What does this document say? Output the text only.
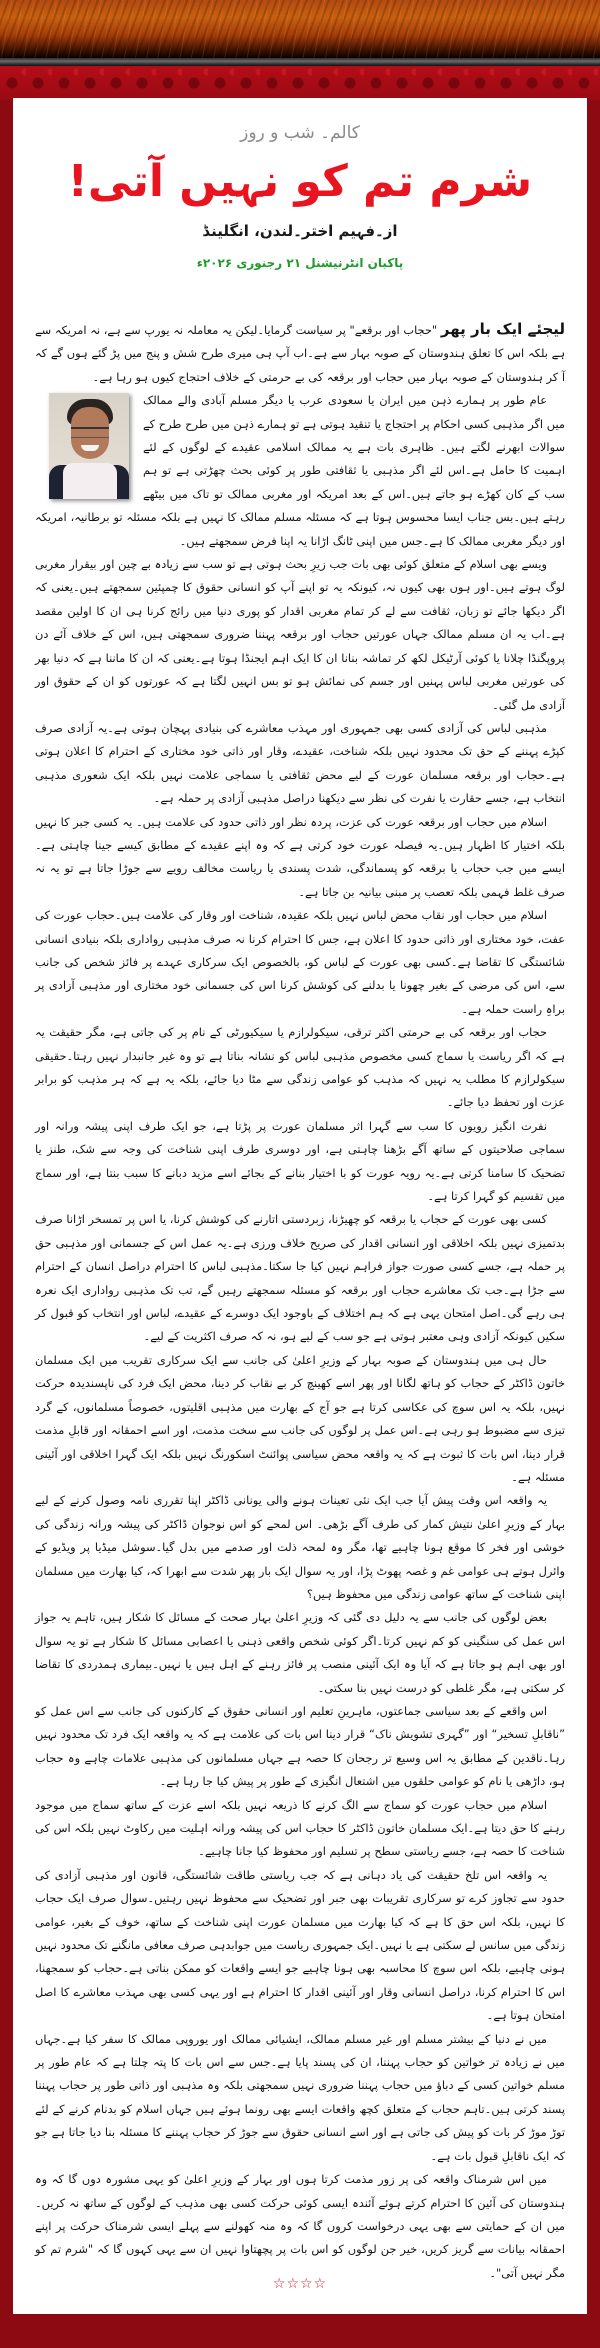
کالم۔ شب و روز
شرم تم کو نہیں آتی!
از۔فہیم اختر۔لندن، انگلینڈ
پاکبان انٹرنیشنل ۲۱ رجنوری ۲۰۲۶ء

لیجئے ایک بار پھر "حجاب اور برقعے" پر سیاست گرمایا۔لیکن یہ معاملہ نہ یورپ سے ہے، نہ امریکہ سے ہے بلکہ اس کا تعلق ہندوستان کے صوبہ بہار سے ہے۔اب آپ ہی میری طرح شش و پنج میں پڑ گئے ہوں گے کہ آ کر ہندوستان کے صوبہ بہار میں حجاب اور برقعہ کی بے حرمتی کے خلاف احتجاج کیوں ہو رہا ہے۔

عام طور پر ہمارے ذہن میں ایران یا سعودی عرب یا دیگر مسلم آبادی والے ممالک میں اگر مذہبی کسی احکام پر احتجاج یا تنقید ہوتی ہے تو ہمارے ذہن میں طرح طرح کے سوالات ابھرنے لگتے ہیں۔ ظاہری بات ہے یہ ممالک اسلامی عقیدے کے لوگوں کے لئے اہمیت کا حامل ہے۔اس لئے اگر مذہبی یا ثقافتی طور پر کوئی بحث چھڑتی ہے تو ہم سب کے کان کھڑے ہو جاتے ہیں۔اس کے بعد امریکہ اور مغربی ممالک تو تاک میں بیٹھے رہتے ہیں۔بس جناب ایسا محسوس ہوتا ہے کہ مسئلہ مسلم ممالک کا نہیں ہے بلکہ مسئلہ تو برطانیہ، امریکہ اور دیگر مغربی ممالک کا ہے۔جس میں اپنی ٹانگ اڑانا یہ اپنا فرض سمجھتے ہیں۔

ویسے بھی اسلام کے متعلق کوئی بھی بات جب زیرِ بحث ہوتی ہے تو سب سے زیادہ بے چین اور بیقرار مغربی لوگ ہوتے ہیں۔اور ہوں بھی کیوں نہ، کیونکہ یہ تو اپنے آپ کو انسانی حقوق کا چمپئین سمجھتے ہیں۔یعنی کہ اگر دیکھا جائے تو زبان، ثقافت سے لے کر تمام مغربی اقدار کو پوری دنیا میں رائج کرنا ہی ان کا اولین مقصد ہے۔اب یہ ان مسلم ممالک جہاں عورتیں حجاب اور برقعہ پہننا ضروری سمجھتی ہیں، اس کے خلاف آئے دن پروپگنڈا چلانا یا کوئی آرٹیکل لکھ کر تماشہ بنانا ان کا ایک اہم ایجنڈا ہوتا ہے۔یعنی کہ ان کا ماننا ہے کہ دنیا بھر کی عورتیں مغربی لباس پہنیں اور جسم کی نمائش ہو تو بس انہیں لگتا ہے کہ عورتوں کو ان کے حقوق اور آزادی مل گئی۔

مذہبی لباس کی آزادی کسی بھی جمہوری اور مہذب معاشرے کی بنیادی پہچان ہوتی ہے۔یہ آزادی صرف کپڑے پہننے کے حق تک محدود نہیں بلکہ شناخت، عقیدے، وقار اور ذاتی خود مختاری کے احترام کا اعلان ہوتی ہے۔حجاب اور برقعہ مسلمان عورت کے لیے محض ثقافتی یا سماجی علامت نہیں بلکہ ایک شعوری مذہبی انتخاب ہے، جسے حقارت یا نفرت کی نظر سے دیکھنا دراصل مذہبی آزادی پر حملہ ہے۔

اسلام میں حجاب اور برقعہ عورت کی عزت، پردہ نظر اور ذاتی حدود کی علامت ہیں۔ یہ کسی جبر کا نہیں بلکہ اختیار کا اظہار ہیں۔یہ فیصلہ عورت خود کرتی ہے کہ وہ اپنے عقیدے کے مطابق کیسے جینا چاہتی ہے۔ایسے میں جب حجاب یا برقعہ کو پسماندگی، شدت پسندی یا ریاست مخالف رویے سے جوڑا جاتا ہے تو یہ نہ صرف غلط فہمی بلکہ تعصب پر مبنی بیانیہ بن جاتا ہے۔

اسلام میں حجاب اور نقاب محض لباس نہیں بلکہ عقیدہ، شناخت اور وقار کی علامت ہیں۔حجاب عورت کی عفت، خود مختاری اور ذاتی حدود کا اعلان ہے، جس کا احترام کرنا نہ صرف مذہبی رواداری بلکہ بنیادی انسانی شائستگی کا تقاضا ہے۔کسی بھی عورت کے لباس کو، بالخصوص ایک سرکاری عہدے پر فائز شخص کی جانب سے، اس کی مرضی کے بغیر چھونا یا بدلنے کی کوشش کرنا اس کی جسمانی خود مختاری اور مذہبی آزادی پر براہِ راست حملہ ہے۔

حجاب اور برقعہ کی بے حرمتی اکثر ترقی، سیکولرازم یا سیکیورٹی کے نام پر کی جاتی ہے، مگر حقیقت یہ ہے کہ اگر ریاست یا سماج کسی مخصوص مذہبی لباس کو نشانہ بناتا ہے تو وہ غیر جانبدار نہیں رہتا۔حقیقی سیکولرازم کا مطلب یہ نہیں کہ مذہب کو عوامی زندگی سے مٹا دیا جائے، بلکہ یہ ہے کہ ہر مذہب کو برابر عزت اور تحفظ دیا جائے۔

نفرت انگیز رویوں کا سب سے گہرا اثر مسلمان عورت پر پڑتا ہے، جو ایک طرف اپنی پیشہ ورانہ اور سماجی صلاحیتوں کے ساتھ آگے بڑھنا چاہتی ہے، اور دوسری طرف اپنی شناخت کی وجہ سے شک، طنز یا تضحیک کا سامنا کرتی ہے۔یہ رویہ عورت کو با اختیار بنانے کے بجائے اسے مزید دبانے کا سبب بنتا ہے، اور سماج میں تقسیم کو گہرا کرتا ہے۔

کسی بھی عورت کے حجاب یا برقعہ کو چھیڑنا، زبردستی اتارنے کی کوشش کرنا، یا اس پر تمسخر اڑانا صرف بدتمیزی نہیں بلکہ اخلاقی اور انسانی اقدار کی صریح خلاف ورزی ہے۔یہ عمل اس کے جسمانی اور مذہبی حق پر حملہ ہے، جسے کسی صورت جواز فراہم نہیں کیا جا سکتا۔مذہبی لباس کا احترام دراصل انسان کے احترام سے جڑا ہے۔جب تک معاشرے حجاب اور برقعہ کو مسئلہ سمجھتے رہیں گے، تب تک مذہبی رواداری ایک نعرہ ہی رہے گی۔اصل امتحان یہی ہے کہ ہم اختلاف کے باوجود ایک دوسرے کے عقیدے، لباس اور انتخاب کو قبول کر سکیں کیونکہ آزادی وہی معتبر ہوتی ہے جو سب کے لیے ہو، نہ کہ صرف اکثریت کے لیے۔

حال ہی میں ہندوستان کے صوبہ بہار کے وزیرِ اعلیٰ کی جانب سے ایک سرکاری تقریب میں ایک مسلمان خاتون ڈاکٹر کے حجاب کو ہاتھ لگانا اور پھر اسے کھینچ کر بے نقاب کر دینا، محض ایک فرد کی ناپسندیدہ حرکت نہیں، بلکہ یہ اس سوچ کی عکاسی کرتا ہے جو آج کے بھارت میں مذہبی اقلیتوں، خصوصاً مسلمانوں، کے گرد تیزی سے مضبوط ہو رہی ہے۔اس عمل پر لوگوں کی جانب سے سخت مذمت، اور اسے احمقانہ اور قابلِ مذمت قرار دینا، اس بات کا ثبوت ہے کہ یہ واقعہ محض سیاسی پوائنٹ اسکورنگ نہیں بلکہ ایک گہرا اخلاقی اور آئینی مسئلہ ہے۔

یہ واقعہ اس وقت پیش آیا جب ایک نئی تعینات ہونے والی یونانی ڈاکٹر اپنا تقرری نامہ وصول کرنے کے لیے بہار کے وزیرِ اعلیٰ نتیش کمار کی طرف آگے بڑھی۔ اس لمحے کو اس نوجوان ڈاکٹر کی پیشہ ورانہ زندگی کی خوشی اور فخر کا موقع ہونا چاہیے تھا، مگر وہ لمحہ ذلت اور صدمے میں بدل گیا۔سوشل میڈیا پر ویڈیو کے وائرل ہوتے ہی عوامی غم و غصہ پھوٹ پڑا، اور یہ سوال ایک بار پھر شدت سے ابھرا کہ، کیا بھارت میں مسلمان اپنی شناخت کے ساتھ عوامی زندگی میں محفوظ ہیں؟

بعض لوگوں کی جانب سے یہ دلیل دی گئی کہ وزیرِ اعلیٰ بہار صحت کے مسائل کا شکار ہیں، تاہم یہ جواز اس عمل کی سنگینی کو کم نہیں کرتا۔اگر کوئی شخص واقعی ذہنی یا اعصابی مسائل کا شکار ہے تو یہ سوال اور بھی اہم ہو جاتا ہے کہ آیا وہ ایک آئینی منصب پر فائز رہنے کے اہل ہیں یا نہیں۔بیماری ہمدردی کا تقاضا کر سکتی ہے، مگر غلطی کو درست نہیں بنا سکتی۔

اس واقعے کے بعد سیاسی جماعتوں، ماہرینِ تعلیم اور انسانی حقوق کے کارکنوں کی جانب سے اس عمل کو ”ناقابلِ تسخیر“ اور ”گہری تشویش ناک“ قرار دینا اس بات کی علامت ہے کہ یہ واقعہ ایک فرد تک محدود نہیں رہا۔ناقدین کے مطابق یہ اس وسیع تر رجحان کا حصہ ہے جہاں مسلمانوں کی مذہبی علامات چاہے وہ حجاب ہو، داڑھی یا نام کو عوامی حلقوں میں اشتعال انگیزی کے طور پر پیش کیا جا رہا ہے۔

اسلام میں حجاب عورت کو سماج سے الگ کرنے کا ذریعہ نہیں بلکہ اسے عزت کے ساتھ سماج میں موجود رہنے کا حق دیتا ہے۔ایک مسلمان خاتون ڈاکٹر کا حجاب اس کی پیشہ ورانہ اہلیت میں رکاوٹ نہیں بلکہ اس کی شناخت کا حصہ ہے، جسے ریاستی سطح پر تسلیم اور محفوظ کیا جانا چاہیے۔

یہ واقعہ اس تلخ حقیقت کی یاد دہانی ہے کہ جب ریاستی طاقت شائستگی، قانون اور مذہبی آزادی کی حدود سے تجاوز کرے تو سرکاری تقریبات بھی جبر اور تضحیک سے محفوظ نہیں رہتیں۔سوال صرف ایک حجاب کا نہیں، بلکہ اس حق کا ہے کہ کیا بھارت میں مسلمان عورت اپنی شناخت کے ساتھ، خوف کے بغیر، عوامی زندگی میں سانس لے سکتی ہے یا نہیں۔ایک جمہوری ریاست میں جوابدہی صرف معافی مانگنے تک محدود نہیں ہونی چاہیے، بلکہ اس سوچ کا محاسبہ بھی ہونا چاہیے جو ایسے واقعات کو ممکن بناتی ہے۔حجاب کو سمجھنا، اس کا احترام کرنا، دراصل انسانی وقار اور آئینی اقدار کا احترام ہے اور یہی کسی بھی مہذب معاشرے کا اصل امتحان ہوتا ہے۔

میں نے دنیا کے بیشتر مسلم اور غیر مسلم ممالک، ایشیائی ممالک اور یوروپی ممالک کا سفر کیا ہے۔جہاں میں نے زیادہ تر خواتین کو حجاب پہننا، ان کی پسند پایا ہے۔جس سے اس بات کا پتہ چلتا ہے کہ عام طور پر مسلم خواتین کسی کے دباؤ میں حجاب پہننا ضروری نہیں سمجھتی بلکہ وہ مذہبی اور ذاتی طور پر حجاب پہننا پسند کرتی ہیں۔تاہم حجاب کے متعلق کچھ واقعات ایسے بھی رونما ہوئے ہیں جہاں اسلام کو بدنام کرنے کے لئے توڑ موڑ کر بات کو پیش کی جاتی ہے اور اسے انسانی حقوق سے جوڑ کر حجاب پہننے کا مسئلہ بنا دیا جاتا ہے جو کہ ایک ناقابلِ قبول بات ہے۔

میں اس شرمناک واقعہ کی پر زور مذمت کرتا ہوں اور بہار کے وزیرِ اعلیٰ کو یہی مشورہ دوں گا کہ وہ ہندوستان کی آئین کا احترام کرتے ہوئے آئندہ ایسی کوئی حرکت کسی بھی مذہب کے لوگوں کے ساتھ نہ کریں۔میں ان کے حمایتی سے بھی یہی درخواست کروں گا کہ وہ منہ کھولنے سے پہلے ایسی شرمناک حرکت پر اپنے احمقانہ بیانات سے گریز کریں، خیر جن لوگوں کو اس بات پر پچھتاوا نہیں ان سے یہی کہوں گا کہ "شرم تم کو مگر نہیں آتی"۔

☆☆☆☆
